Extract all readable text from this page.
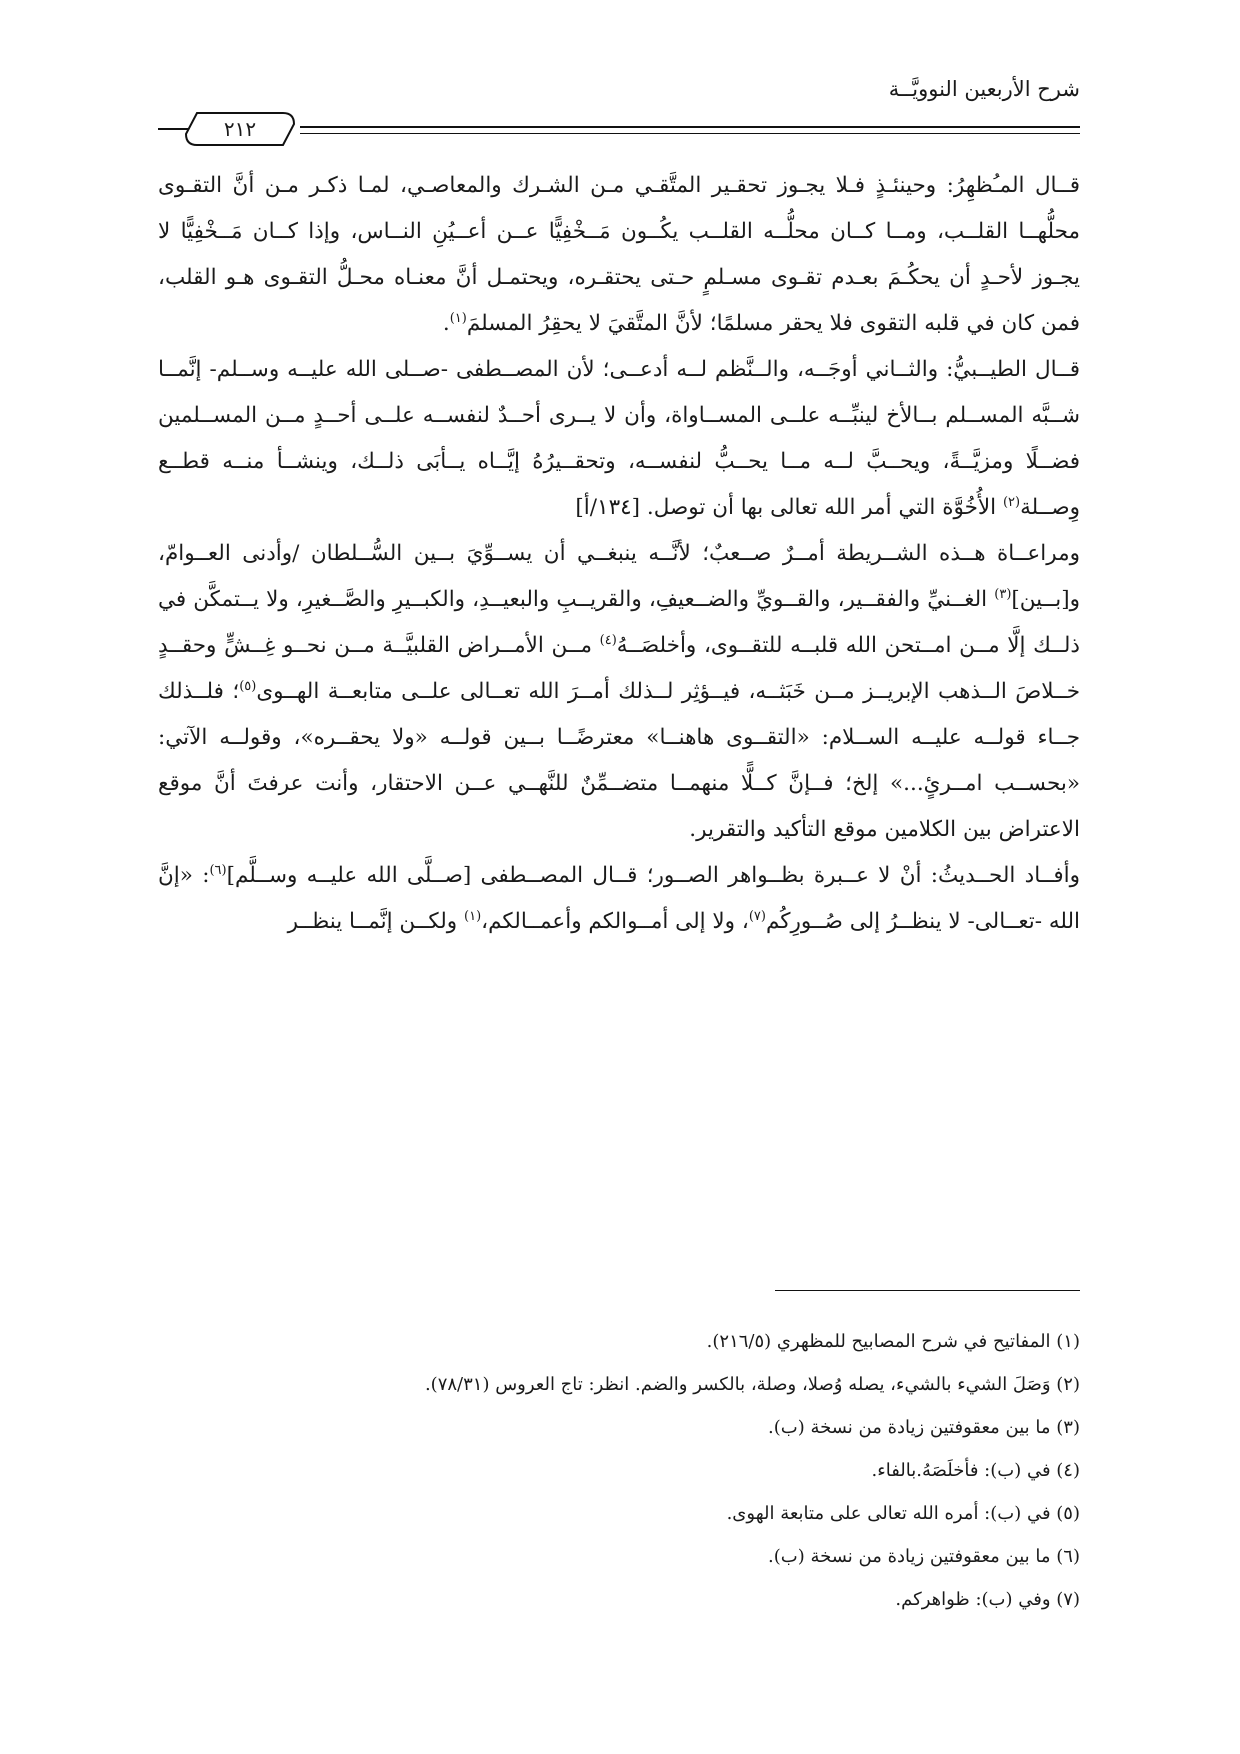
شرح الأربعين النوويَّــة
٢١٢

قــال المـُظهِرُ: وحينئـذٍ فـلا يجـوز تحقـير المتَّقـي مـن الشـرك والمعاصـي، لمـا ذكـر مـن أنَّ التقـوى محلُّهــا القلــب، ومــا كــان محلُّــه القلــب يكُــون مَــخْفِيًّا عــن أعــيُنِ النــاس، وإذا كــان مَــخْفِيًّا لا يجـوز لأحـدٍ أن يحكُـمَ بعـدم تقـوى مسـلمٍ حـتى يحتقـره، ويحتمـل أنَّ معنـاه محـلُّ التقـوى هـو القلب، فمن كان في قلبه التقوى فلا يحقر مسلمًا؛ لأنَّ المتَّقيَ لا يحقِرُ المسلمَ$^{(١)}$.

قــال الطيــبيُّ: والثــاني أوجَــه، والــنَّظم لــه أدعــى؛ لأن المصــطفى -صــلى الله عليــه وســلم- إنَّمــا شــبَّه المســلم بــالأخ لينبِّــه علــى المســاواة، وأن لا يــرى أحــدٌ لنفســه علــى أحــدٍ مــن المســلمين فضــلًا ومزيَّــةً، ويحــبَّ لــه مــا يحــبُّ لنفســه، وتحقــيرُهُ إيَّــاه يــأبَى ذلــك، وينشــأ منــه قطــع وِصــلة$^{(٢)}$ الأُخُوَّة التي أمر الله تعالى بها أن توصل. [١٣٤/أ]

ومراعــاة هــذه الشــريطة أمــرٌ صــعبٌ؛ لأنَّــه ينبغــي أن يســوِّيَ بــين السُّــلطان /وأدنى العــوامّ، و[بــين]$^{(٣)}$ الغــنيِّ والفقــير، والقــويِّ والضــعيفِ، والقريــبِ والبعيــدِ، والكبــيرِ والصَّــغيرِ، ولا يــتمكَّن في ذلــك إلَّا مــن امــتحن الله قلبــه للتقــوى، وأخلصَــهُ$^{(٤)}$ مــن الأمــراض القلبيَّــة مــن نحــو غِــشٍّ وحقــدٍ خــلاصَ الــذهب الإبريــز مــن خَبَثــه، فيــؤثِر لــذلك أمــرَ الله تعــالى علــى متابعــة الهــوى$^{(٥)}$؛ فلــذلك جــاء قولــه عليــه الســلام: «التقــوى هاهنــا» معترضًــا بــين قولــه «ولا يحقــره»، وقولــه الآتي: «بحســب امــرئٍ...» إلخ؛ فــإنَّ كــلًّا منهمــا متضــمِّنٌ للنَّهــي عــن الاحتقار، وأنت عرفتَ أنَّ موقع الاعتراض بين الكلامين موقع التأكيد والتقرير.

وأفــاد الحــديثُ: أنْ لا عــبرة بظــواهر الصــور؛ قــال المصــطفى [صــلَّى الله عليــه وســلَّم]$^{(٦)}$: «إنَّ الله -تعــالى- لا ينظــرُ إلى صُــورِكُم$^{(٧)}$، ولا إلى أمــوالكم وأعمــالكم،$^{(١)}$ ولكــن إنَّمــا ينظــر

(١) المفاتيح في شرح المصابيح للمظهري (٢١٦/٥).
(٢) وَصَلَ الشيء بالشيء، يصله وُصلا، وصلة، بالكسر والضم. انظر: تاج العروس (٧٨/٣١).
(٣) ما بين معقوفتين زيادة من نسخة (ب).
(٤) في (ب): فأخلَصَهُ.بالفاء.
(٥) في (ب): أمره الله تعالى على متابعة الهوى.
(٦) ما بين معقوفتين زيادة من نسخة (ب).
(٧) وفي (ب): ظواهركم.
